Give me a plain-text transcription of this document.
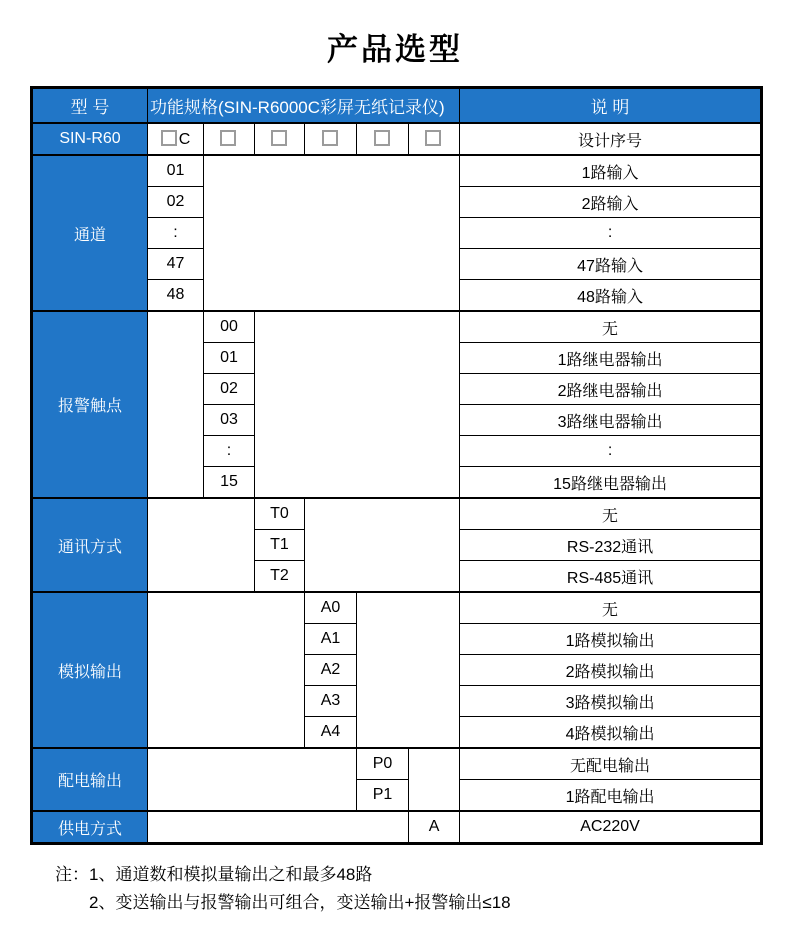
产品选型
型 号	功能规格(SIN-R6000C彩屏无纸记录仪)						说 明
SIN-R60	C						设计序号
通道	01						1路输入
	02						2路输入
	:						:
	47						47路输入
	48						48路输入
报警触点		00					无
		01					1路继电器输出
		02					2路继电器输出
		03					3路继电器输出
		:					:
		15					15路继电器输出
通讯方式			T0				无
			T1				RS-232通讯
			T2				RS-485通讯
模拟输出				A0			无
				A1			1路模拟输出
				A2			2路模拟输出
				A3			3路模拟输出
				A4			4路模拟输出
配电输出					P0		无配电输出
					P1		1路配电输出
供电方式						A	AC220V
注：1、通道数和模拟量输出之和最多48路
2、变送输出与报警输出可组合，变送输出+报警输出≤18
